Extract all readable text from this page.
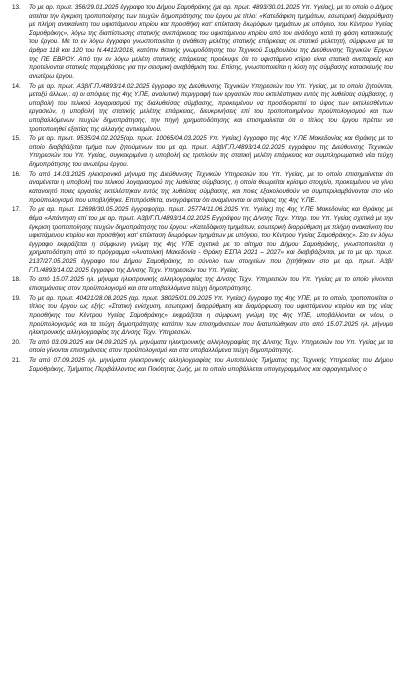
13.	Το με αρ. πρωτ. 356/29.01.2025 έγγραφο του Δήμου Σαμοθράκης (με αρ. πρωτ. 4893/30.01.2025 Υπ. Υγείας), με το οποίο ο Δήμος αιτείται την έγκριση τροποποίησης των τευχών δημοπράτησης του έργου με τίτλο: «Κατεδάφιση τμημάτων, εσωτερική διαρρύθμιση με πλήρη ανακαίνιση του υφιστάμενου κτιρίου και προσθήκη κατ' επέκταση διωρόφων τμημάτων με υπόγειο, του Κέντρου Υγείας Σαμοθράκης», λόγω της διαπίστωσης στατικής ανεπάρκειας του υφιστάμενου κτιρίου από τον ανάδοχο κατά τη φάση κατασκευής του έργου. Με το εν λόγω έγγραφο γνωστοποιείται η ανάθεση μελέτης στατικής επάρκειας σε στατικό μελετητή, σύμφωνα με τα άρθρα 118 και 120 του Ν.4412/2016, κατόπιν θετικής γνωμοδότησης του Τεχνικού Συμβουλίου της Διεύθυνσης Τεχνικών Έργων της ΠΕ ΕΒΡΟΥ. Από την εν λόγω μελέτη στατικής επάρκειας προέκυψε ότι το υφιστάμενο κτίριο είναι στατικά ανεπαρκές και προτείνονται στατικές παρεμβάσεις για την σεισμική αναβάθμιση του. Επίσης, γνωστοποιείται η λύση της σύμβασης κατασκευής του ανωτέρω έργου.
14.	Το με αρ. πρωτ. Α3β/Γ.Π./4893/14.02.2025 έγγραφο της Διεύθυνσης Τεχνικών Υπηρεσιών του Υπ. Υγείας, με το οποίο ζητούνται, μεταξύ άλλων,: α) οι απόψεις της 4ης Υ.ΠΕ, αναλυτική περιγραφή των εργασιών που εκτελέστηκαν εντός της λυθείσας σύμβασης, η υποβολή του τελικού λογαριασμού της διαλυθείσας σύμβασης, προκειμένου να προσδιοριστεί το ύψος των εκτελεσθέντων εργασιών, η υποβολή της στατικής μελέτης επάρκειας, διευκρινήσεις επί του τροποποιημένου προϋπολογισμού και των υποβαλλόμενων τευχών δημοπράτησης, την πηγή χρηματοδότησης και επισημαίνεται ότι ο τίτλος του έργου πρέπει να τροποποιηθεί εξαιτίας της αλλαγής αντικειμένου.
15.	Το με αρ. πρωτ. 9535/24.02.2025(αρ. πρωτ. 10065/04.03.2025 Υπ. Υγείας) έγγραφο της 4ης Υ.ΠΕ Μακεδονίας και Θράκης με το οποίο διαβιβάζεται τμήμα των ζητούμενων του με αρ. πρωτ. Α3β/Γ.Π./4893/14.02.2025 εγγράφου της Διεύθυνσης Τεχνικών Υπηρεσιών του Υπ. Υγείας, συγκεκριμένα η υποβολή εις τριπλούν της στατική μελέτη επάρκειας και συμπληρωματικά νέα τεύχη δημοπράτησης του ανωτέρω έργου.
16.	Το από 14.03.2025 ηλεκτρονικό μήνυμα της Διεύθυνσης Τεχνικών Υπηρεσιών του Υπ. Υγείας, με το οποίο επισημαίνεται ότι αναμένεται η υποβολή του τελικού λογαριασμού της λυθείσας σύμβασης, η οποία θεωρείται κρίσιμο στοιχείο, προκειμένου να γίνει κατανοητό ποιες εργασίες εκτελέστηκαν εντός της λυθείσας σύμβασης, και ποιες εξακολουθούν να συμπεριλαμβάνονται στο νέο προϋπολογισμό που υποβλήθηκε. Επιπρόσθετα, αναγράφεται ότι αναμένονται οι απόψεις της 4ης Υ.ΠΕ.
17.	Το με αρ. πρωτ. 12698/30.05.2025 έγγραφο(αρ. πρωτ. 25774/11.06.2025 Υπ. Υγείας) της 4ης Υ.ΠΕ Μακεδονίας και Θράκης με θέμα «Απάντηση επί του με αρ. πρωτ. Α3β/Γ.Π./4893/14.02.2025 Εγγράφου της Δ/νσης Τεχν. Υπηρ. του Υπ. Υγείας σχετικά με την έγκριση τροποποίησης τευχών δημοπράτησης του έργου: «Κατεδάφιση τμημάτων, εσωτερική διαρρύθμιση με πλήρη ανακαίνιση του υφιστάμενου κτιρίου και προσθήκη κατ' επέκταση διωρόφων τμημάτων με υπόγειο, του Κέντρου Υγείας Σαμοθράκης». Στο εν λόγω έγγραφο εκφράζεται η σύμφωνη γνώμη της 4ης ΥΠΕ σχετικά με το αίτημα του Δήμου Σαμοθράκης, γνωστοποιείται η χρηματοδότηση από το πρόγραμμα «Ανατολική Μακεδονία - Θράκη ΕΣΠΑ 2021 – 2027» και διαβιβάζονται, με το με αρ. πρωτ. 2137/27.05.2025 έγγραφο του Δήμου Σαμοθράκης, το σύνολο των στοιχείων που ζητήθηκαν στο με αρ. πρωτ. Α3β/ Γ.Π./4893/14.02.2025 έγγραφο της Δ/νσης Τεχν. Υπηρεσιών του Υπ. Υγείας.
18.	Το από 15.07.2025 ηλ. μήνυμα ηλεκτρονικής αλληλογραφίας της Δ/νσης Τεχν. Υπηρεσιών του Υπ. Υγείας με το οποίο γίνονται επισημάνσεις στον προϋπολογισμό και στα υποβαλλόμενα τεύχη δημοπράτησης.
19.	Το με αρ. πρωτ. 40421/28.08.2025 (αρ. πρωτ. 38025/01.09.2025 Υπ. Υγείας) έγγραφο της 4ης ΥΠΕ, με το οποίο, τροποποιείται ο τίτλος του έργου ως εξής: «Στατική ενίσχυση, εσωτερική διαρρύθμιση και διαμόρφωση του υφιστάμενου κτιρίου και της νέας προσθήκης του Κέντρου Υγείας Σαμοθράκης» εκφράζεται η σύμφωνη γνώμη της 4ης ΥΠΕ, υποβάλλονται εκ νέου, ο προϋπολογισμός και τα τεύχη δημοπράτησης κατόπιν των επισημάνσεων που διατυπώθηκαν στο από 15.07.2025 ηλ. μήνυμα ηλεκτρονικής αλληλογραφίας της Δ/νσης Τεχν. Υπηρεσιών.
20.	Τα από 03.09.2025 και 04.09.2025 ηλ. μηνύματα ηλεκτρονικής αλληλογραφίας της Δ/νσης Τεχν. Υπηρεσιών του Υπ. Υγείας με τα οποία γίνονται επισημάνσεις στον προϋπολογισμό και στα υποβαλλόμενα τεύχη δημοπράτησης.
21.	Τα από 07.09.2025 ηλ. μηνύματα ηλεκτρονικής αλληλογραφίας του Αυτοτελούς Τμήματος της Τεχνικής Υπηρεσίας του Δήμου Σαμοθράκης, Τμήματος Περιβάλλοντος και Ποιότητας ζωής, με το οποίο υποβάλλεται υπογεγραμμένος και σφραγισμένος ο
